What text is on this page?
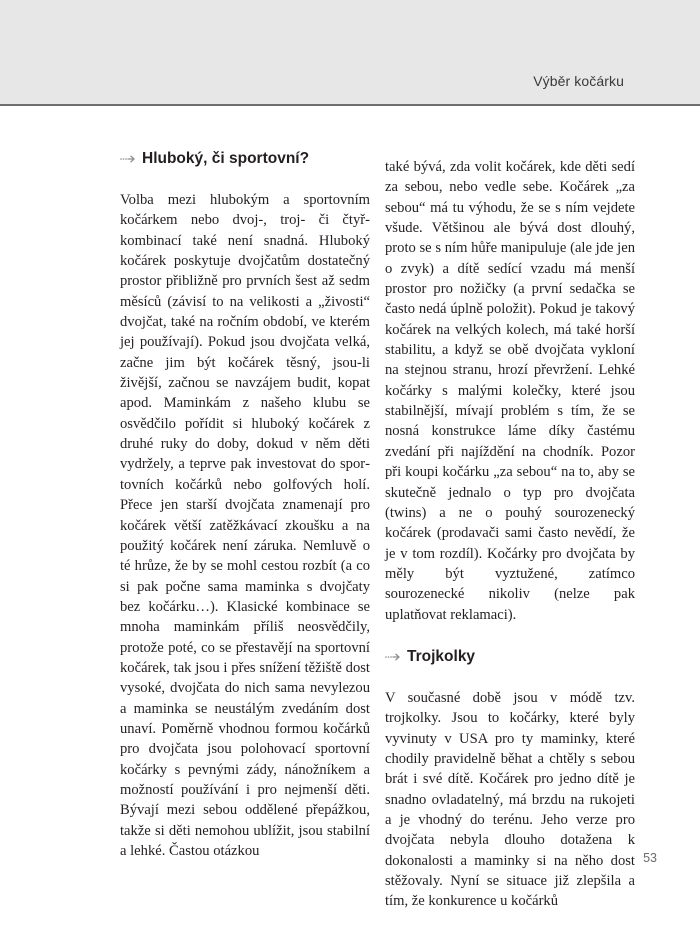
Výběr kočárku
Hluboký, či sportovní?

Volba mezi hlubokým a sportovním kočárkem nebo dvoj-, troj- či čtyřkombinací také není snadná. Hluboký kočárek poskytuje dvojčatům dostatečný prostor přibližně pro prvních šest až sedm měsíců (závisí to na velikosti a „živosti“ dvojčat, také na ročním období, ve kterém jej používají). Pokud jsou dvojčata velká, začne jim být kočárek těsný, jsou-li živější, začnou se navzájem budit, kopat apod. Maminkám z našeho klubu se osvědčilo pořídit si hluboký kočárek z druhé ruky do doby, dokud v něm děti vydržely, a teprve pak investovat do sportovních kočárků nebo golfových holí. Přece jen starší dvojčata znamenají pro kočárek větší zatěžkávací zkoušku a na použitý kočárek není záruka. Nemluvě o té hrůze, že by se mohl cestou rozbít (a co si pak počne sama maminka s dvojčaty bez kočárku…). Klasické kombinace se mnoha maminkám příliš neosvědčily, protože poté, co se přestavějí na sportovní kočárek, tak jsou i přes snížení těžiště dost vysoké, dvojčata do nich sama nevylezou a maminka se neustálým zvedáním dost unaví. Poměrně vhodnou formou kočárků pro dvojčata jsou polohovací sportovní kočárky s pevnými zády, nánožníkem a možností používání i pro nejmenší děti. Bývají mezi sebou oddělené přepážkou, takže si děti nemohou ublížit, jsou stabilní a lehké. Častou otázkou

také bývá, zda volit kočárek, kde děti sedí za sebou, nebo vedle sebe. Kočárek „za sebou“ má tu výhodu, že se s ním vejdete všude. Většinou ale bývá dost dlouhý, proto se s ním hůře manipuluje (ale jde jen o zvyk) a dítě sedící vzadu má menší prostor pro nožičky (a první sedačka se často nedá úplně položit). Pokud je takový kočárek na velkých kolech, má také horší stabilitu, a když se obě dvojčata vykloní na stejnou stranu, hrozí převržení. Lehké kočárky s malými kolečky, které jsou stabilnější, mívají problém s tím, že se nosná konstrukce láme díky častému zvedání při najíždění na chodník. Pozor při koupi kočárku „za sebou“ na to, aby se skutečně jednalo o typ pro dvojčata (twins) a ne o pouhý sourozenecký kočárek (prodavači sami často nevědí, že je v tom rozdíl). Kočárky pro dvojčata by měly být vyztužené, zatímco sourozenecké nikoliv (nelze pak uplatňovat reklamaci).

Trojkolky

V současné době jsou v módě tzv. trojkolky. Jsou to kočárky, které byly vyvinuty v USA pro ty maminky, které chodily pravidelně běhat a chtěly s sebou brát i své dítě. Kočárek pro jedno dítě je snadno ovladatelný, má brzdu na rukojeti a je vhodný do terénu. Jeho verze pro dvojčata nebyla dlouho dotažena k dokonalosti a maminky si na něho dost stěžovaly. Nyní se situace již zlepšila a tím, že konkurence u kočárků

53
